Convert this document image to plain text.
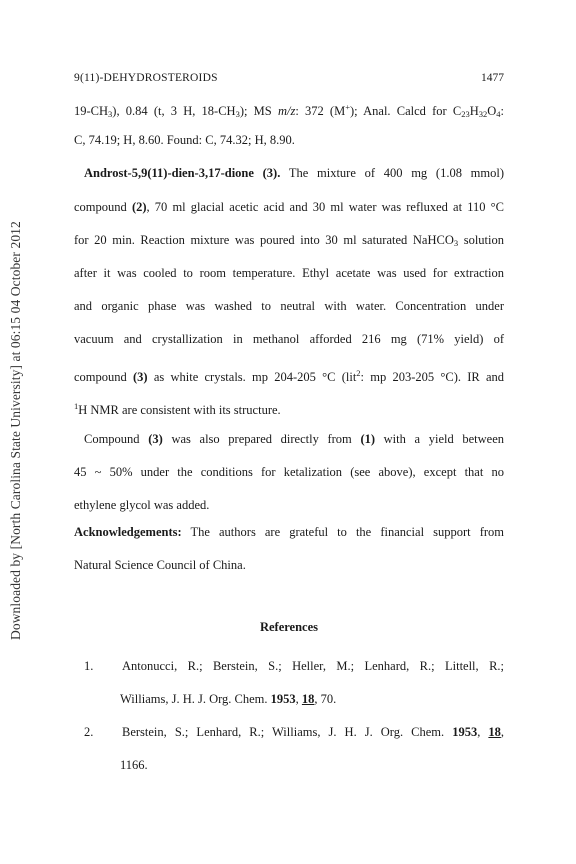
Downloaded by [North Carolina State University] at 06:15 04 October 2012
9(11)-DEHYDROSTEROIDS	1477
$19-CH_3$), 0.84 (t, 3 H, $18-CH_3$); MS m/z: 372 (M+); Anal. Calcd for $C_{23}H_{32}O_4$:
C, 74.19; H, 8.60. Found: C, 74.32; H, 8.90.
Androst-5,9(11)-dien-3,17-dione (3). The mixture of 400 mg (1.08 mmol)
compound (2), 70 ml glacial acetic acid and 30 ml water was refluxed at 110 °C
for 20 min. Reaction mixture was poured into 30 ml saturated NaHCO$_3$ solution
after it was cooled to room temperature. Ethyl acetate was used for extraction
and organic phase was washed to neutral with water. Concentration under
vacuum and crystallization in methanol afforded 216 mg (71% yield) of
compound (3) as white crystals. mp 204-205 °C (lit$^2$: mp 203-205 °C). IR and
$^1$H NMR are consistent with its structure.
Compound (3) was also prepared directly from (1) with a yield between
45 ~ 50% under the conditions for ketalization (see above), except that no
ethylene glycol was added.
Acknowledgements: The authors are grateful to the financial support from
Natural Science Council of China.
References
1. Antonucci, R.; Berstein, S.; Heller, M.; Lenhard, R.; Littell, R.;
Williams, J. H. J. Org. Chem. 1953, 18, 70.
2. Berstein, S.; Lenhard, R.; Williams, J. H. J. Org. Chem. 1953, 18,
1166.
